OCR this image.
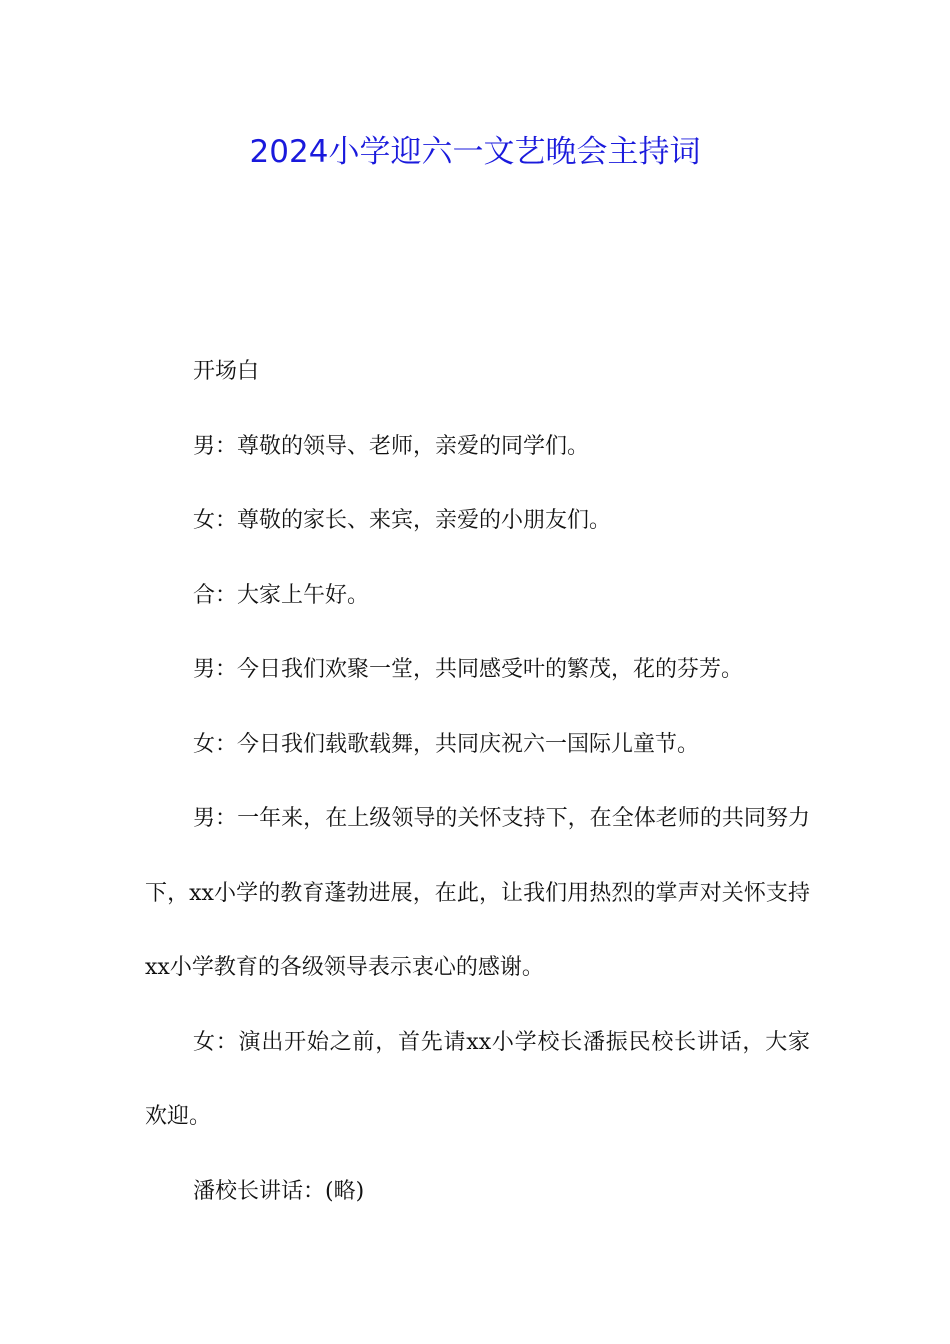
2024小学迎六一文艺晚会主持词

开场白

男：尊敬的领导、老师，亲爱的同学们。

女：尊敬的家长、来宾，亲爱的小朋友们。

合：大家上午好。

男：今日我们欢聚一堂，共同感受叶的繁茂，花的芬芳。

女：今日我们载歌载舞，共同庆祝六一国际儿童节。

男：一年来，在上级领导的关怀支持下，在全体老师的共同努力下，xx小学的教育蓬勃进展，在此，让我们用热烈的掌声对关怀支持xx小学教育的各级领导表示衷心的感谢。

女：演出开始之前，首先请xx小学校长潘振民校长讲话，大家欢迎。

潘校长讲话：(略)
